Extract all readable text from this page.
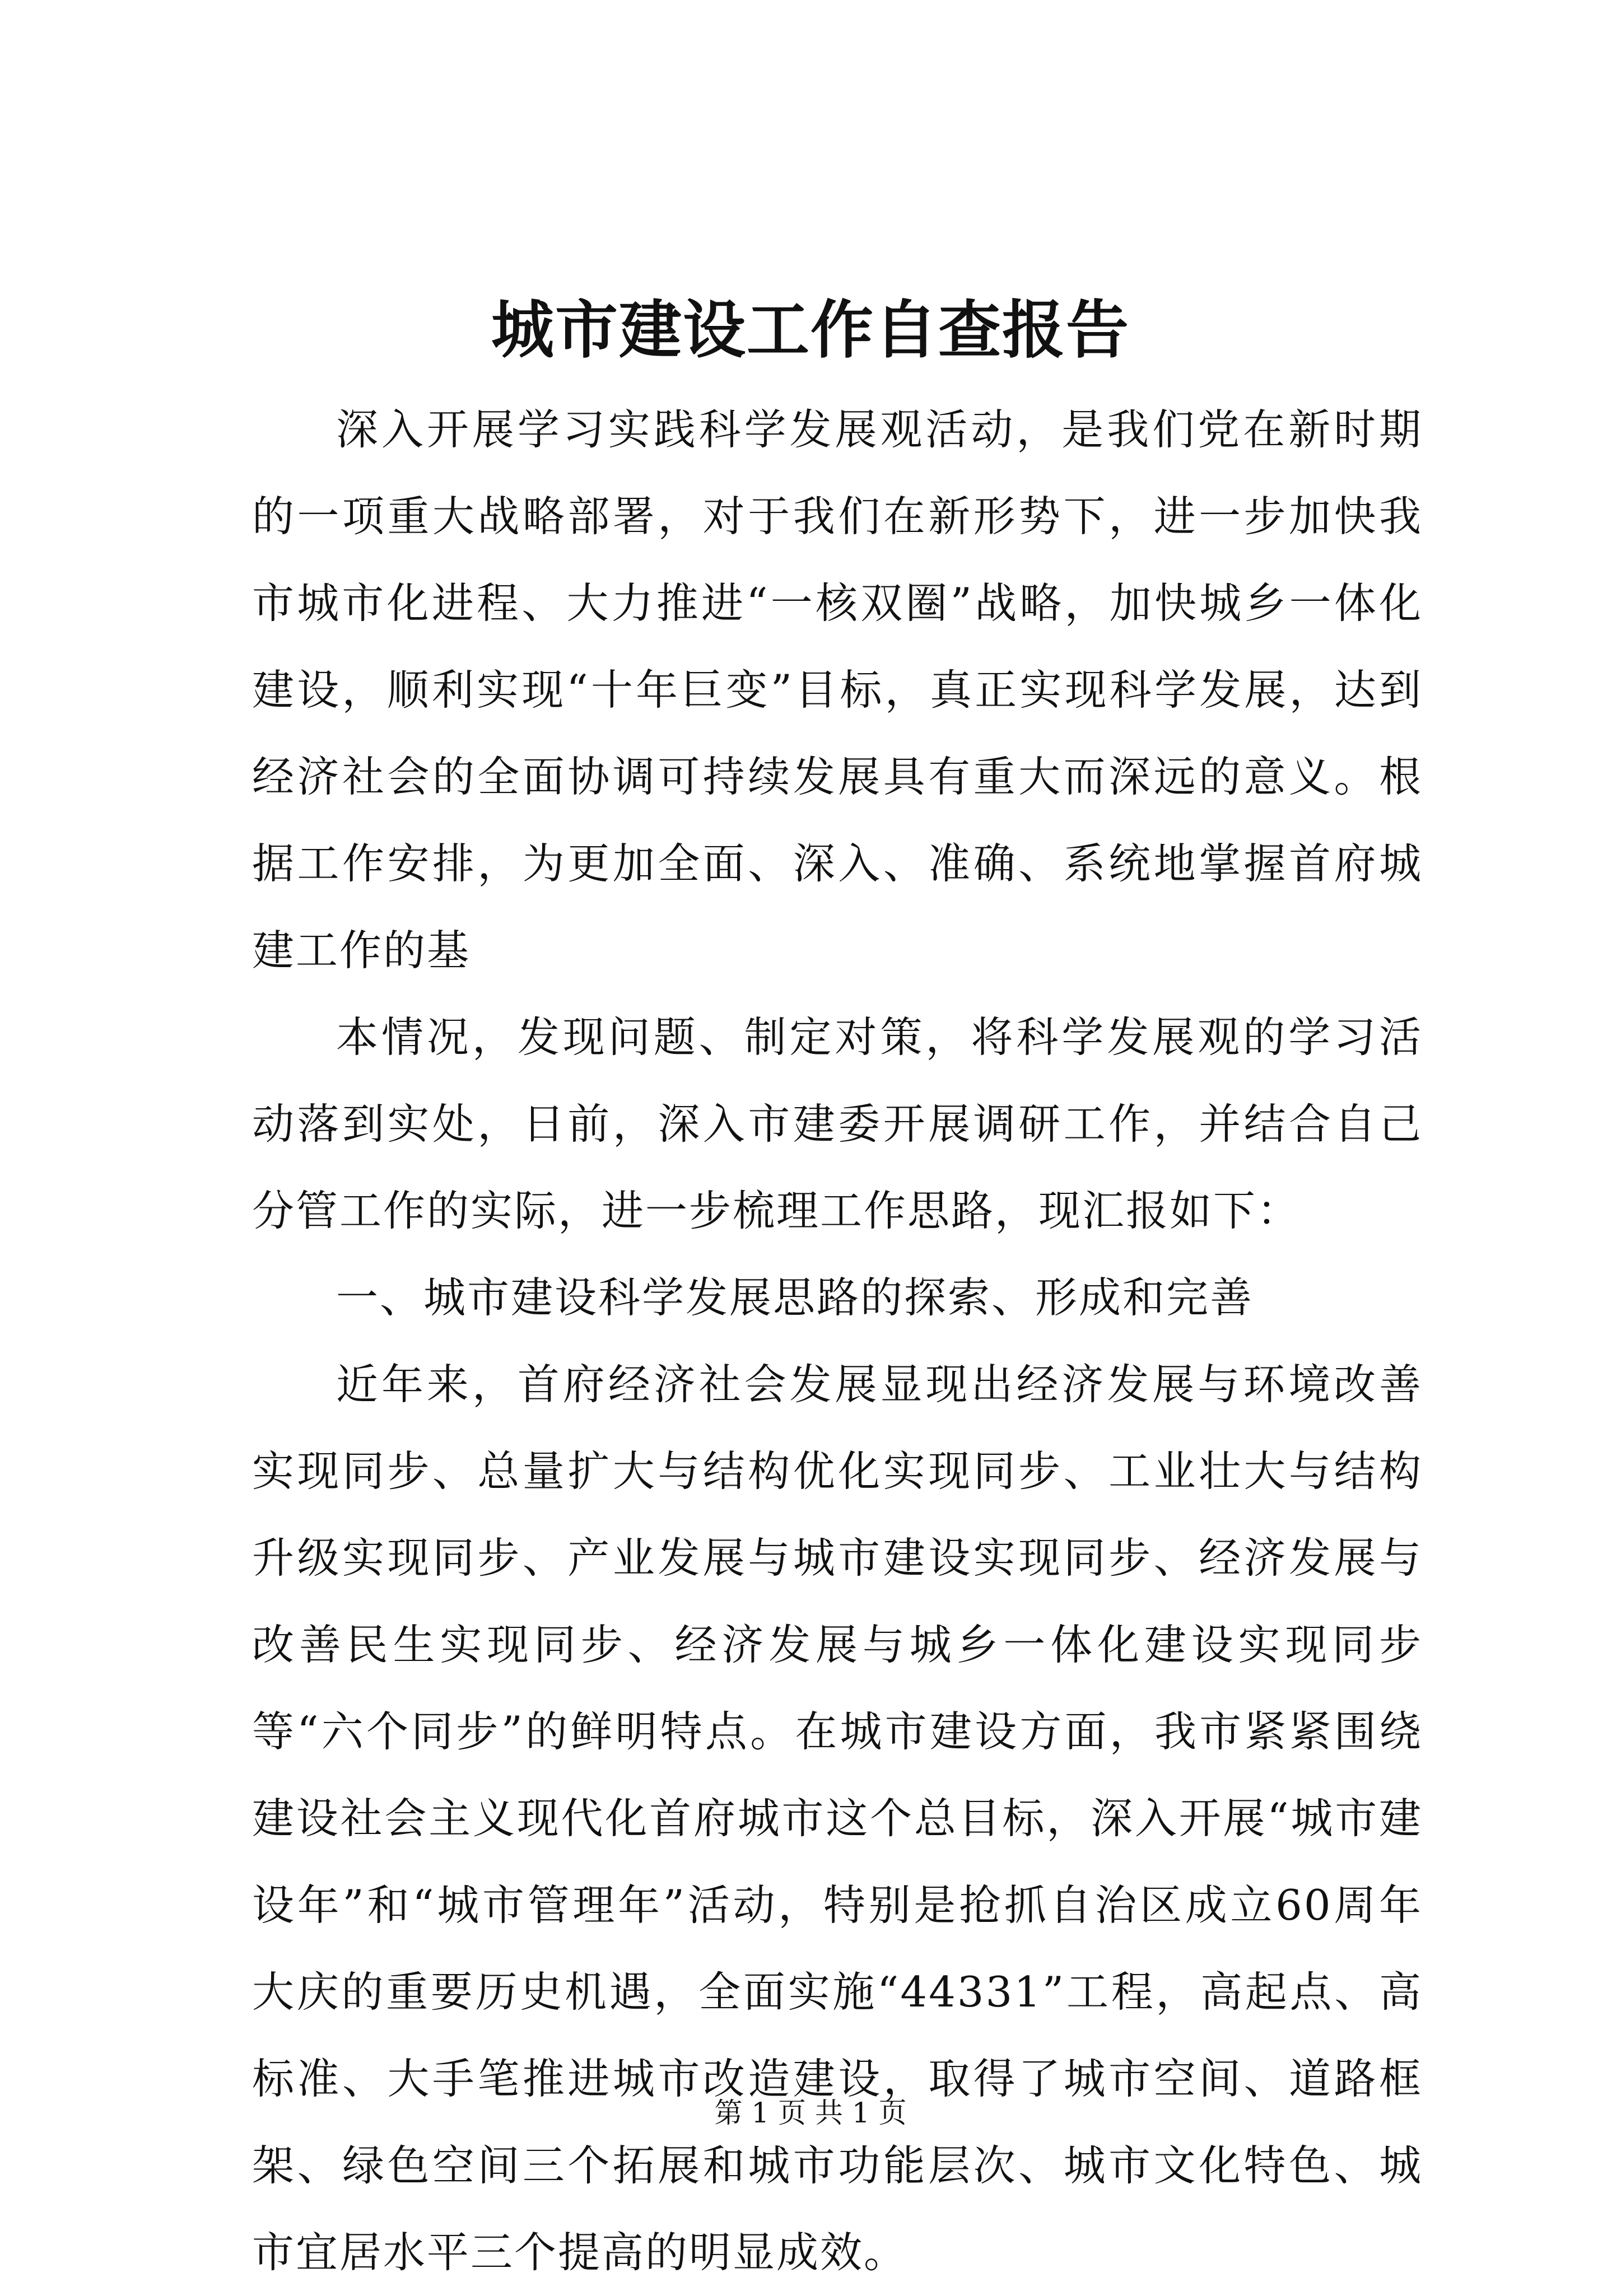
城市建设工作自查报告

深入开展学习实践科学发展观活动，是我们党在新时期的一项重大战略部署，对于我们在新形势下，进一步加快我市城市化进程、大力推进“一核双圈”战略，加快城乡一体化建设，顺利实现“十年巨变”目标，真正实现科学发展，达到经济社会的全面协调可持续发展具有重大而深远的意义。根据工作安排，为更加全面、深入、准确、系统地掌握首府城建工作的基

本情况，发现问题、制定对策，将科学发展观的学习活动落到实处，日前，深入市建委开展调研工作，并结合自己分管工作的实际，进一步梳理工作思路，现汇报如下：

一、城市建设科学发展思路的探索、形成和完善

近年来，首府经济社会发展显现出经济发展与环境改善实现同步、总量扩大与结构优化实现同步、工业壮大与结构升级实现同步、产业发展与城市建设实现同步、经济发展与改善民生实现同步、经济发展与城乡一体化建设实现同步等“六个同步”的鲜明特点。在城市建设方面，我市紧紧围绕建设社会主义现代化首府城市这个总目标，深入开展“城市建设年”和“城市管理年”活动，特别是抢抓自治区成立60周年大庆的重要历史机遇，全面实施“44331”工程，高起点、高标准、大手笔推进城市改造建设，取得了城市空间、道路框架、绿色空间三个拓展和城市功能层次、城市文化特色、城市宜居水平三个提高的明显成效。

第 1 页 共 1 页
